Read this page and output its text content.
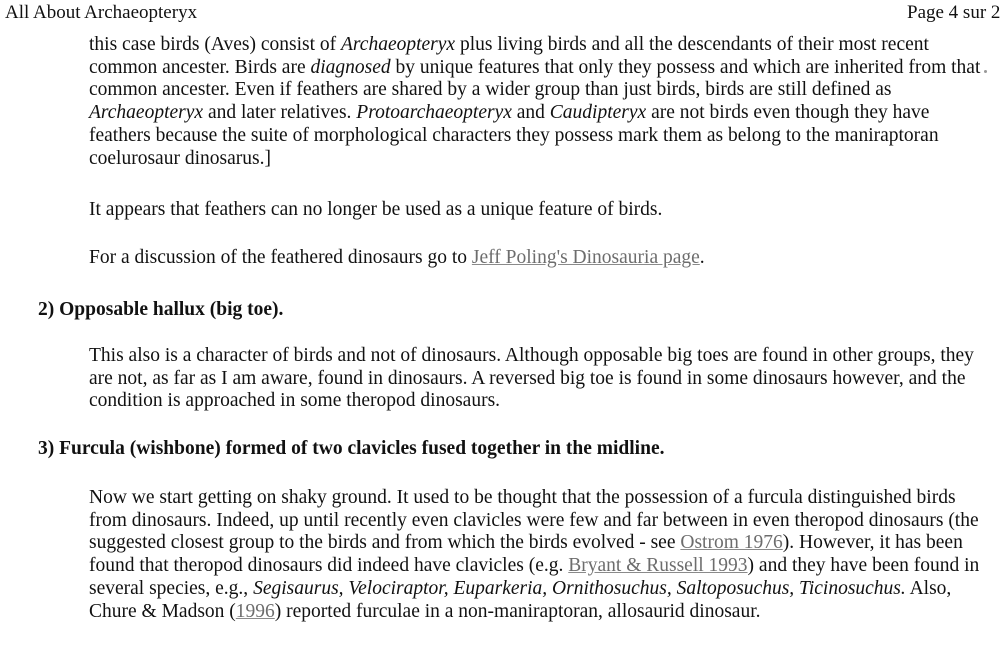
All About Archaeopteryx	Page 4 sur 2

this case birds (Aves) consist of Archaeopteryx plus living birds and all the descendants of their most recent common ancester. Birds are diagnosed by unique features that only they possess and which are inherited from that common ancester. Even if feathers are shared by a wider group than just birds, birds are still defined as Archaeopteryx and later relatives. Protoarchaeopteryx and Caudipteryx are not birds even though they have feathers because the suite of morphological characters they possess mark them as belong to the maniraptoran coelurosaur dinosarus.]

It appears that feathers can no longer be used as a unique feature of birds.

For a discussion of the feathered dinosaurs go to Jeff Poling's Dinosauria page.

2) Opposable hallux (big toe).

This also is a character of birds and not of dinosaurs. Although opposable big toes are found in other groups, they are not, as far as I am aware, found in dinosaurs. A reversed big toe is found in some dinosaurs however, and the condition is approached in some theropod dinosaurs.

3) Furcula (wishbone) formed of two clavicles fused together in the midline.

Now we start getting on shaky ground. It used to be thought that the possession of a furcula distinguished birds from dinosaurs. Indeed, up until recently even clavicles were few and far between in even theropod dinosaurs (the suggested closest group to the birds and from which the birds evolved - see Ostrom 1976). However, it has been found that theropod dinosaurs did indeed have clavicles (e.g. Bryant & Russell 1993) and they have been found in several species, e.g., Segisaurus, Velociraptor, Euparkeria, Ornithosuchus, Saltoposuchus, Ticinosuchus. Also, Chure & Madson (1996) reported furculae in a non-maniraptoran, allosaurid dinosaur.
